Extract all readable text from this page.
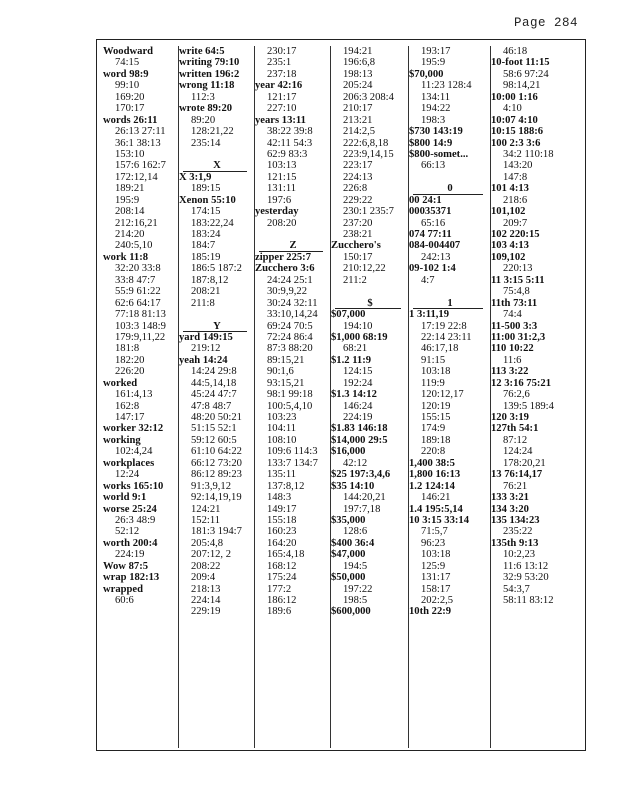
Page 284
Woodward
74:15
word 98:9
99:10
169:20
170:17
words 26:11
26:13 27:11
36:1 38:13
153:10
157:6 162:7
172:12,14
189:21
195:9
208:14
212:16,21
214:20
240:5,10
work 11:8
32:20 33:8
33:8 47:7
55:9 61:22
62:6 64:17
77:18 81:13
103:3 148:9
179:9,11,22
181:8
182:20
226:20
worked
161:4,13
162:8
147:17
worker 32:12
working
102:4,24
workplaces
12:24
works 165:10
world 9:1
worse 25:24
26:3 48:9
52:12
worth 200:4
224:19
Wow 87:5
wrap 182:13
wrapped
60:6
write 64:5
writing 79:10
written 196:2
wrong 11:18
112:3
wrote 89:20
89:20
128:21,22
235:14
X
X 3:1,9
189:15
Xenon 55:10
174:15
183:22,24
183:24
184:7
185:19
186:5 187:2
187:8,12
208:21
211:8
Y
yard 149:15
219:12
yeah 14:24
14:24 29:8
44:5,14,18
45:24 47:7
47:8 48:7
48:20 50:21
51:15 52:1
59:12 60:5
61:10 64:22
66:12 73:20
86:12 89:23
91:3,9,12
92:14,19,19
124:21
152:11
181:3 194:7
205:4,8
207:12, 2
208:22
209:4
218:13
224:14
229:19
230:17
235:1
237:18
year 42:16
121:17
227:10
years 13:11
38:22 39:8
42:11 54:3
62:9 83:3
103:13
121:15
131:11
197:6
yesterday
208:20
Z
zipper 225:7
Zucchero 3:6
24:24 25:1
30:9,9,22
30:24 32:11
33:10,14,24
69:24 70:5
72:24 86:4
87:3 88:20
89:15,21
90:1,6
93:15,21
98:1 99:18
100:5,4,10
103:23
104:11
108:10
109:6 114:3
133:7 134:7
135:11
137:8,12
148:3
149:17
155:18
160:23
164:20
165:4,18
168:12
175:24
177:2
186:12
189:6
194:21
196:6,8
198:13
205:24
206:3 208:4
210:17
213:21
214:2,5
222:6,8,18
223:9,14,15
223:17
224:13
226:8
229:22
230:1 235:7
237:20
238:21
Zucchero's
150:17
210:12,22
211:2
$
$07,000
194:10
$1,000 68:19
68:21
$1.2 11:9
124:15
192:24
$1.3 14:12
146:24
224:19
$1.83 146:18
$14,000 29:5
$16,000
42:12
$25 197:3,4,6
$35 14:10
144:20,21
197:7,18
$35,000
128:6
$400 36:4
$47,000
194:5
$50,000
197:22
198:5
$600,000
193:17
195:9
$70,000
11:23 128:4
134:11
194:22
198:3
$730 143:19
$800 14:9
$800-somet...
66:13
0
00 24:1
00035371
65:16
074 77:11
084-004407
242:13
09-102 1:4
4:7
1
1 3:11,19
17:19 22:8
22:14 23:11
46:17,18
91:15
103:18
119:9
120:12,17
120:19
155:15
174:9
189:18
220:8
1,400 38:5
1,800 16:13
1.2 124:14
146:21
1.4 195:5,14
10 3:15 33:14
71:5,7
96:23
103:18
125:9
131:17
158:17
202:2,5
10th 22:9
46:18
10-foot 11:15
58:6 97:24
98:14,21
10:00 1:16
4:10
10:07 4:10
10:15 188:6
100 2:3 3:6
34:2 110:18
143:20
147:8
101 4:13
218:6
101,102
209:7
102 220:15
103 4:13
109,102
220:13
11 3:15 5:11
75:4,8
11th 73:11
74:4
11-500 3:3
11:00 31:2,3
110 10:22
11:6
113 3:22
12 3:16 75:21
76:2,6
139:5 189:4
120 3:19
127th 54:1
87:12
124:24
178:20,21
13 76:14,17
76:21
133 3:21
134 3:20
135 134:23
235:22
135th 9:13
10:2,23
11:6 13:12
32:9 53:20
54:3,7
58:11 83:12
